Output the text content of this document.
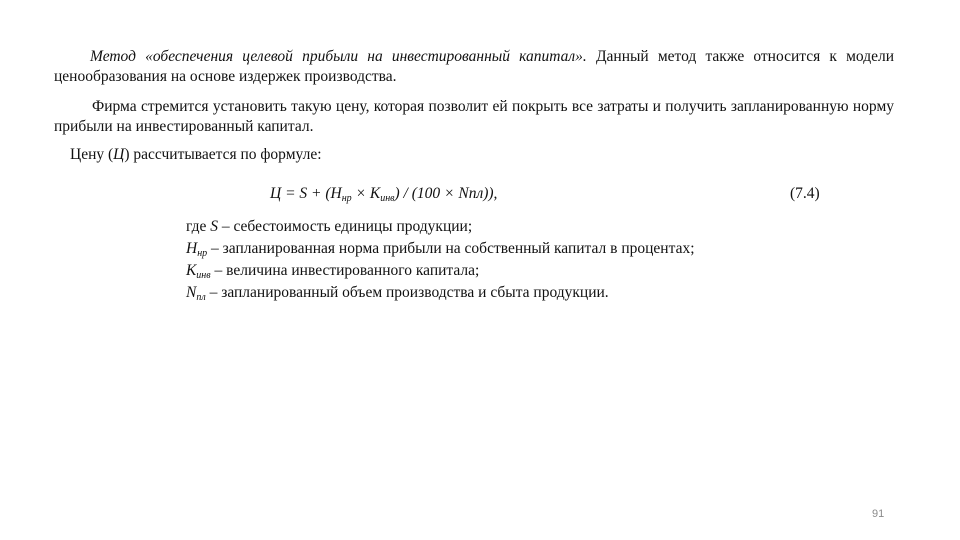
Метод «обеспечения целевой прибыли на инвестированный капитал». Данный метод также относится к модели ценообразования на основе издержек производства.

Фирма стремится установить такую цену, которая позволит ей покрыть все затраты и получить запланированную норму прибыли на инвестированный капитал.

Цену (Ц) рассчитывается по формуле:

$Ц = S + (Н_{нр} \times К_{инв}) / (100 \times Nпл)$),	(7.4)
где S – себестоимость единицы продукции;
$Н_{нр}$ – запланированная норма прибыли на собственный капитал в процентах;
$К_{инв}$ – величина инвестированного капитала;
$N_{пл}$ – запланированный объем производства и сбыта продукции.
91
